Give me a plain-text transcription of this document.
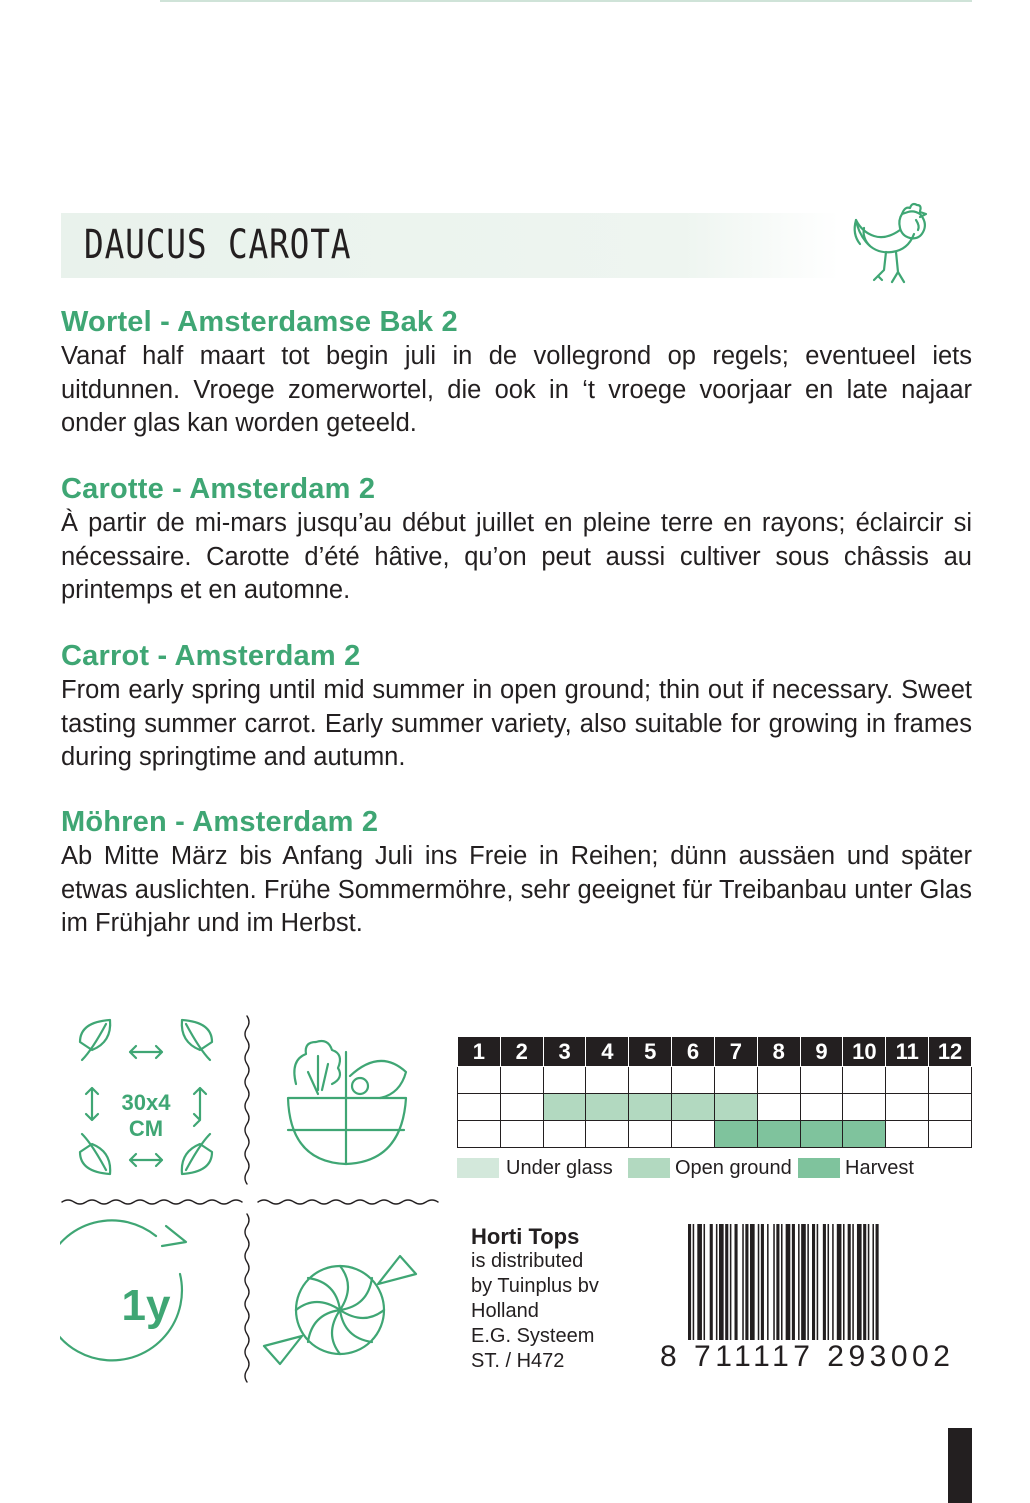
DAUCUS CAROTA
Wortel - Amsterdamse Bak 2

Vanaf half maart tot begin juli in de vollegrond op regels; eventueel iets uitdunnen. Vroege zomerwortel, die ook in ‘t vroege voorjaar en late najaar onder glas kan worden geteeld.

Carotte - Amsterdam 2

À partir de mi-mars jusqu’au début juillet en pleine terre en rayons; éclaircir si nécessaire. Carotte d’été hâtive, qu’on peut aussi cultiver sous châssis au printemps et en automne.

Carrot - Amsterdam 2

From early spring until mid summer in open ground; thin out if necessary. Sweet tasting summer carrot. Early summer variety, also suitable for growing in frames during springtime and autumn.

Möhren - Amsterdam 2

Ab Mitte März bis Anfang Juli ins Freie in Reihen; dünn aussäen und später etwas auslichten. Frühe Sommermöhre, sehr geeignet für Treibanbau unter Glas im Frühjahr und im Herbst.

30x4
CM
1y
1	2	3	4	5	6	7	8	9	10	11	12

Under glass	Open ground	Harvest
Horti Tops
is distributed
by Tuinplus bv
Holland
E.G. Systeem
ST. / H472	8 711117 293002
